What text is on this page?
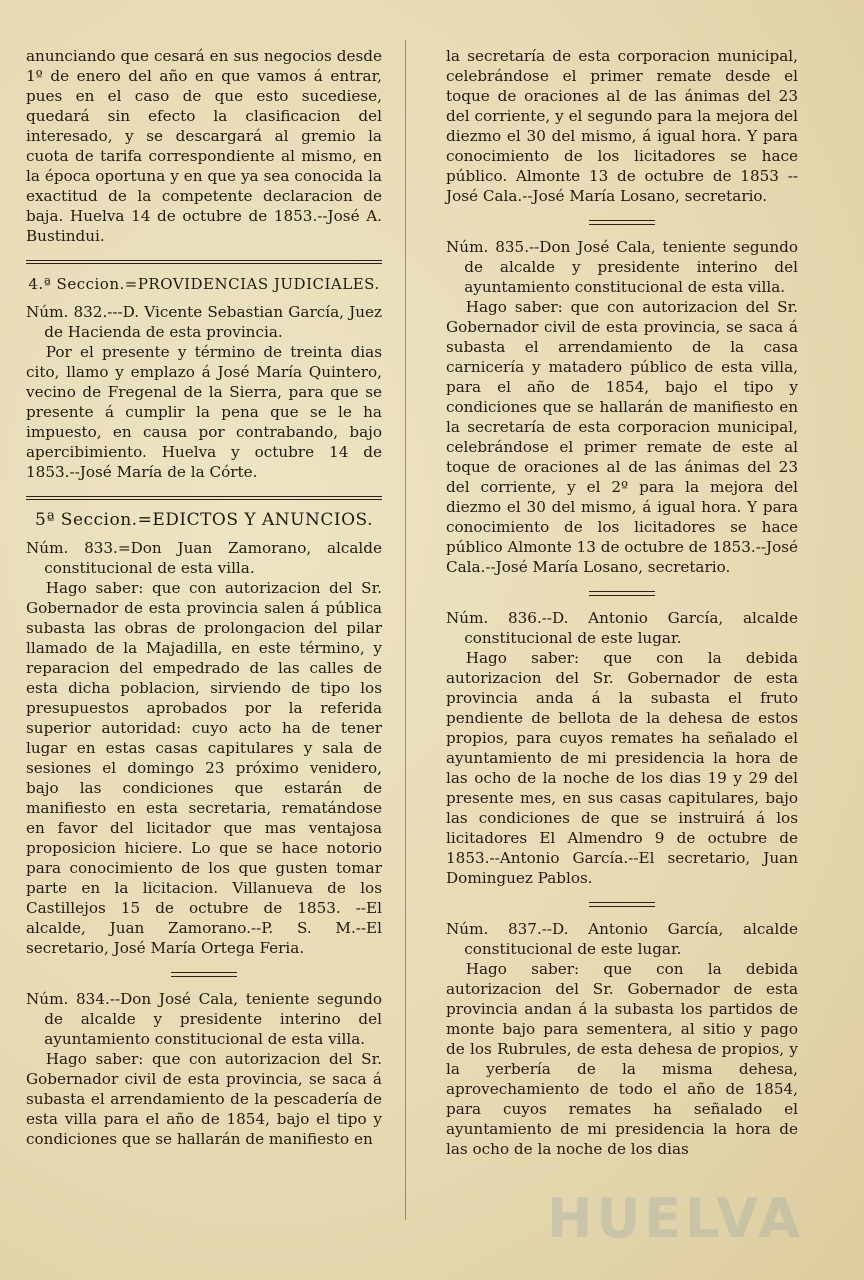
anunciando que cesará en sus negocios desde 1º de enero del año en que vamos á entrar, pues en el caso de que esto sucediese, quedará sin efecto la clasificacion del interesado, y se descargará al gremio la cuota de tarifa correspondiente al mismo, en la época oportuna y en que ya sea conocida la exactitud de la competente declaracion de baja. Huelva 14 de octubre de 1853.--José A. Bustindui.

4.ª Seccion.=PROVIDENCIAS JUDICIALES.

Núm. 832.---D. Vicente Sebastian García, Juez de Hacienda de esta provincia.

Por el presente y término de treinta dias cito, llamo y emplazo á José María Quintero, vecino de Fregenal de la Sierra, para que se presente á cumplir la pena que se le ha impuesto, en causa por contrabando, bajo apercibimiento. Huelva y octubre 14 de 1853.--José María de la Córte.

5ª Seccion.=EDICTOS Y ANUNCIOS.

Núm. 833.=Don Juan Zamorano, alcalde constitucional de esta villa.

Hago saber: que con autorizacion del Sr. Gobernador de esta provincia salen á pública subasta las obras de prolongacion del pilar llamado de la Majadilla, en este término, y reparacion del empedrado de las calles de esta dicha poblacion, sirviendo de tipo los presupuestos aprobados por la referida superior autoridad: cuyo acto ha de tener lugar en estas casas capitulares y sala de sesiones el domingo 23 próximo venidero, bajo las condiciones que estarán de manifiesto en esta secretaria, rematándose en favor del licitador que mas ventajosa proposicion hiciere. Lo que se hace notorio para conocimiento de los que gusten tomar parte en la licitacion. Villanueva de los Castillejos 15 de octubre de 1853. --El alcalde, Juan Zamorano.--P. S. M.--El secretario, José María Ortega Feria.

Núm. 834.--Don José Cala, teniente segundo de alcalde y presidente interino del ayuntamiento constitucional de esta villa.

Hago saber: que con autorizacion del Sr. Gobernador civil de esta provincia, se saca á subasta el arrendamiento de la pescadería de esta villa para el año de 1854, bajo el tipo y condiciones que se hallarán de manifiesto en

la secretaría de esta corporacion municipal, celebrándose el primer remate desde el toque de oraciones al de las ánimas del 23 del corriente, y el segundo para la mejora del diezmo el 30 del mismo, á igual hora. Y para conocimiento de los licitadores se hace público. Almonte 13 de octubre de 1853 --José Cala.--José María Losano, secretario.

Núm. 835.--Don José Cala, teniente segundo de alcalde y presidente interino del ayuntamiento constitucional de esta villa.

Hago saber: que con autorizacion del Sr. Gobernador civil de esta provincia, se saca á subasta el arrendamiento de la casa carnicería y matadero público de esta villa, para el año de 1854, bajo el tipo y condiciones que se hallarán de manifiesto en la secretaría de esta corporacion municipal, celebrándose el primer remate de este al toque de oraciones al de las ánimas del 23 del corriente, y el 2º para la mejora del diezmo el 30 del mismo, á igual hora. Y para conocimiento de los licitadores se hace público Almonte 13 de octubre de 1853.--José Cala.--José María Losano, secretario.

Núm. 836.--D. Antonio García, alcalde constitucional de este lugar.

Hago saber: que con la debida autorizacion del Sr. Gobernador de esta provincia anda á la subasta el fruto pendiente de bellota de la dehesa de estos propios, para cuyos remates ha señalado el ayuntamiento de mi presidencia la hora de las ocho de la noche de los dias 19 y 29 del presente mes, en sus casas capitulares, bajo las condiciones de que se instruirá á los licitadores El Almendro 9 de octubre de 1853.--Antonio García.--El secretario, Juan Dominguez Pablos.

Núm. 837.--D. Antonio García, alcalde constitucional de este lugar.

Hago saber: que con la debida autorizacion del Sr. Gobernador de esta provincia andan á la subasta los partidos de monte bajo para sementera, al sitio y pago de los Rubrules, de esta dehesa de propios, y la yerbería de la misma dehesa, aprovechamiento de todo el año de 1854, para cuyos remates ha señalado el ayuntamiento de mi presidencia la hora de las ocho de la noche de los dias

HUELVA
